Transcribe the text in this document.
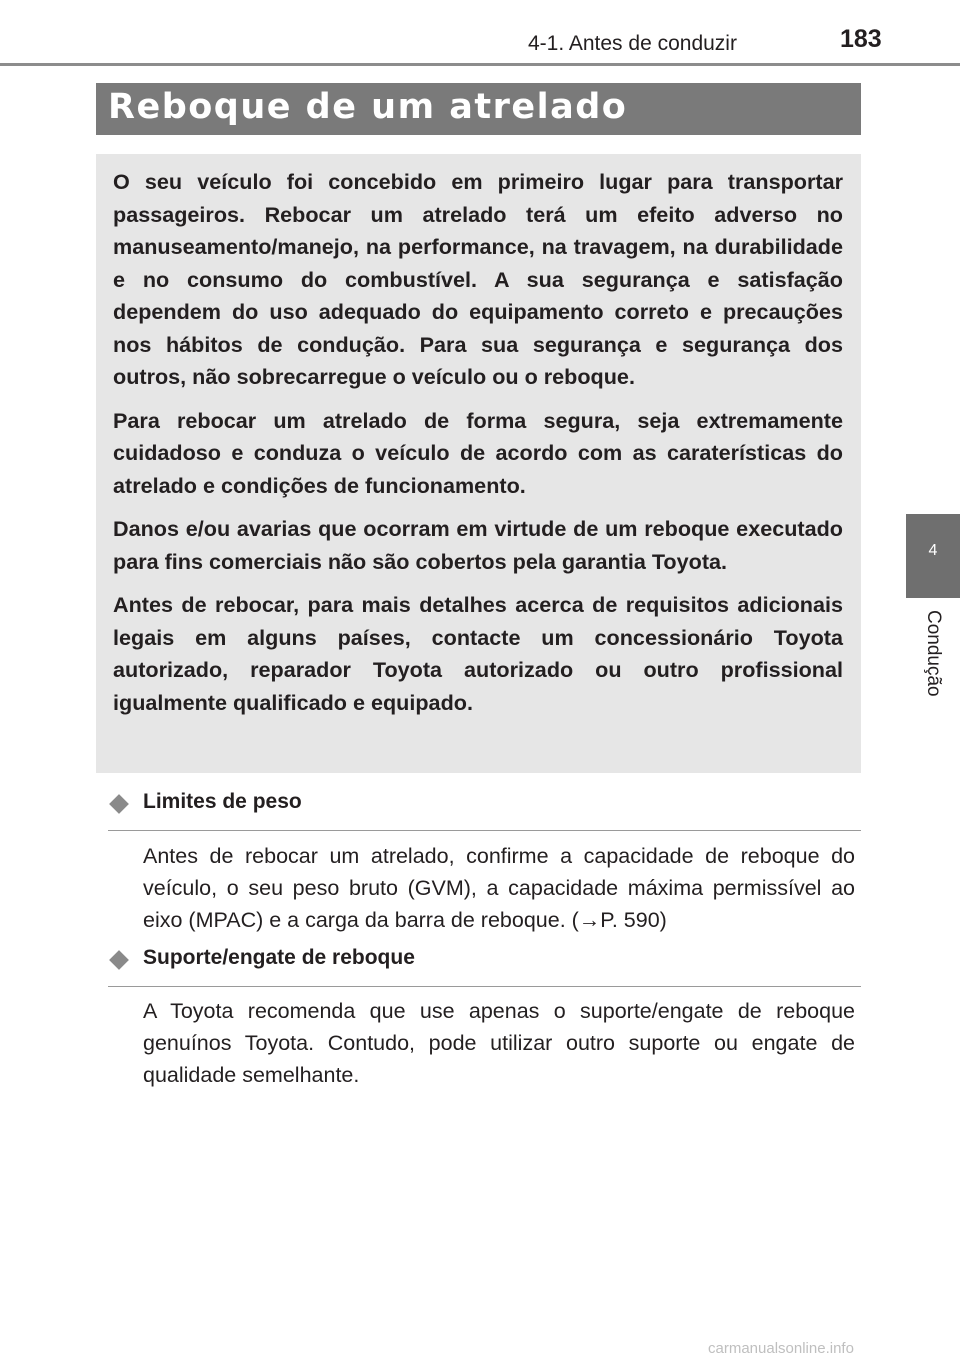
4-1. Antes de conduzir	183
Reboque de um atrelado

O seu veículo foi concebido em primeiro lugar para transportar passageiros. Rebocar um atrelado terá um efeito adverso no manuseamento/manejo, na performance, na travagem, na durabilidade e no consumo do combustível. A sua segurança e satisfação dependem do uso adequado do equipamento correto e precauções nos hábitos de condução. Para sua segurança e segurança dos outros, não sobrecarregue o veículo ou o reboque.

Para rebocar um atrelado de forma segura, seja extremamente cuidadoso e conduza o veículo de acordo com as caraterísticas do atrelado e condições de funcionamento.

Danos e/ou avarias que ocorram em virtude de um reboque executado para fins comerciais não são cobertos pela garantia Toyota.

Antes de rebocar, para mais detalhes acerca de requisitos adicionais legais em alguns países, contacte um concessionário Toyota autorizado, reparador Toyota autorizado ou outro profissional igualmente qualificado e equipado.

4
Condução
Limites de peso

Antes de rebocar um atrelado, confirme a capacidade de reboque do veículo, o seu peso bruto (GVM), a capacidade máxima permissível ao eixo (MPAC) e a carga da barra de reboque. (→P. 590)

Suporte/engate de reboque

A Toyota recomenda que use apenas o suporte/engate de reboque genuínos Toyota. Contudo, pode utilizar outro suporte ou engate de qualidade semelhante.

carmanualsonline.info
